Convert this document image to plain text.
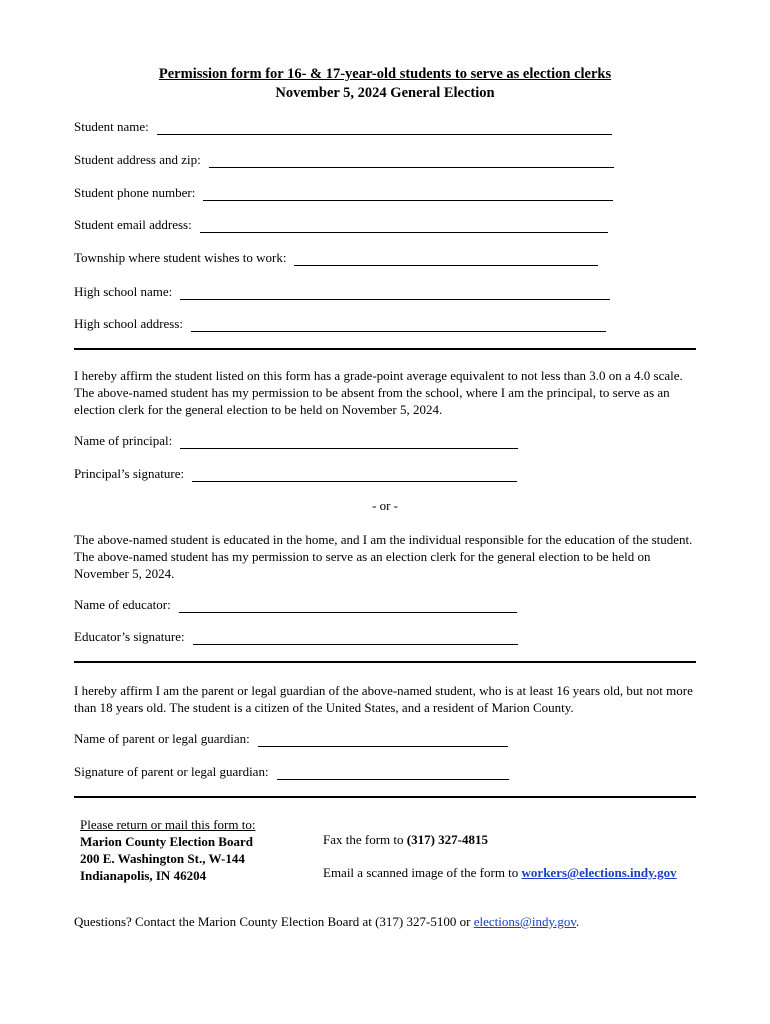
Permission form for 16- & 17-year-old students to serve as election clerks
November 5, 2024 General Election
Student name:
Student address and zip:
Student phone number:
Student email address:
Township where student wishes to work:
High school name:
High school address:
I hereby affirm the student listed on this form has a grade-point average equivalent to not less than 3.0 on a 4.0 scale. The above-named student has my permission to be absent from the school, where I am the principal, to serve as an election clerk for the general election to be held on November 5, 2024.
Name of principal:
Principal’s signature:
- or -
The above-named student is educated in the home, and I am the individual responsible for the education of the student. The above-named student has my permission to serve as an election clerk for the general election to be held on November 5, 2024.
Name of educator:
Educator’s signature:
I hereby affirm I am the parent or legal guardian of the above-named student, who is at least 16 years old, but not more than 18 years old. The student is a citizen of the United States, and a resident of Marion County.
Name of parent or legal guardian:
Signature of parent or legal guardian:
Please return or mail this form to:
Marion County Election Board
200 E. Washington St., W-144
Indianapolis, IN 46204
Fax the form to (317) 327-4815
Email a scanned image of the form to workers@elections.indy.gov
Questions? Contact the Marion County Election Board at (317) 327-5100 or elections@indy.gov.
